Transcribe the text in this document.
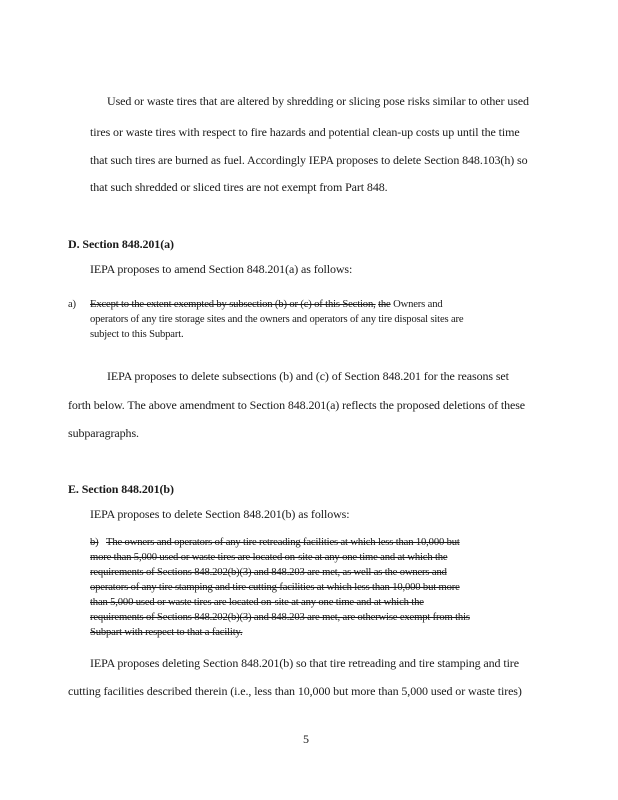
Used or waste tires that are altered by shredding or slicing pose risks similar to other used
tires or waste tires with respect to fire hazards and potential clean-up costs up until the time
that such tires are burned as fuel. Accordingly IEPA proposes to delete Section 848.103(h) so
that such shredded or sliced tires are not exempt from Part 848.
D. Section 848.201(a)
IEPA proposes to amend Section 848.201(a) as follows:
a) Except to the extent exempted by subsection (b) or (c) of this Section, the Owners and
operators of any tire storage sites and the owners and operators of any tire disposal sites are
subject to this Subpart.
IEPA proposes to delete subsections (b) and (c) of Section 848.201 for the reasons set
forth below. The above amendment to Section 848.201(a) reflects the proposed deletions of these
subparagraphs.
E. Section 848.201(b)
IEPA proposes to delete Section 848.201(b) as follows:
b) The owners and operators of any tire retreading facilities at which less than 10,000 but
more than 5,000 used or waste tires are located on-site at any one time and at which the
requirements of Sections 848.202(b)(3) and 848.203 are met, as well as the owners and
operators of any tire stamping and tire cutting facilities at which less than 10,000 but more
than 5,000 used or waste tires are located on-site at any one time and at which the
requirements of Sections 848.202(b)(3) and 848.203 are met, are otherwise exempt from this
Subpart with respect to that a facility.
IEPA proposes deleting Section 848.201(b) so that tire retreading and tire stamping and tire
cutting facilities described therein (i.e., less than 10,000 but more than 5,000 used or waste tires)
5
